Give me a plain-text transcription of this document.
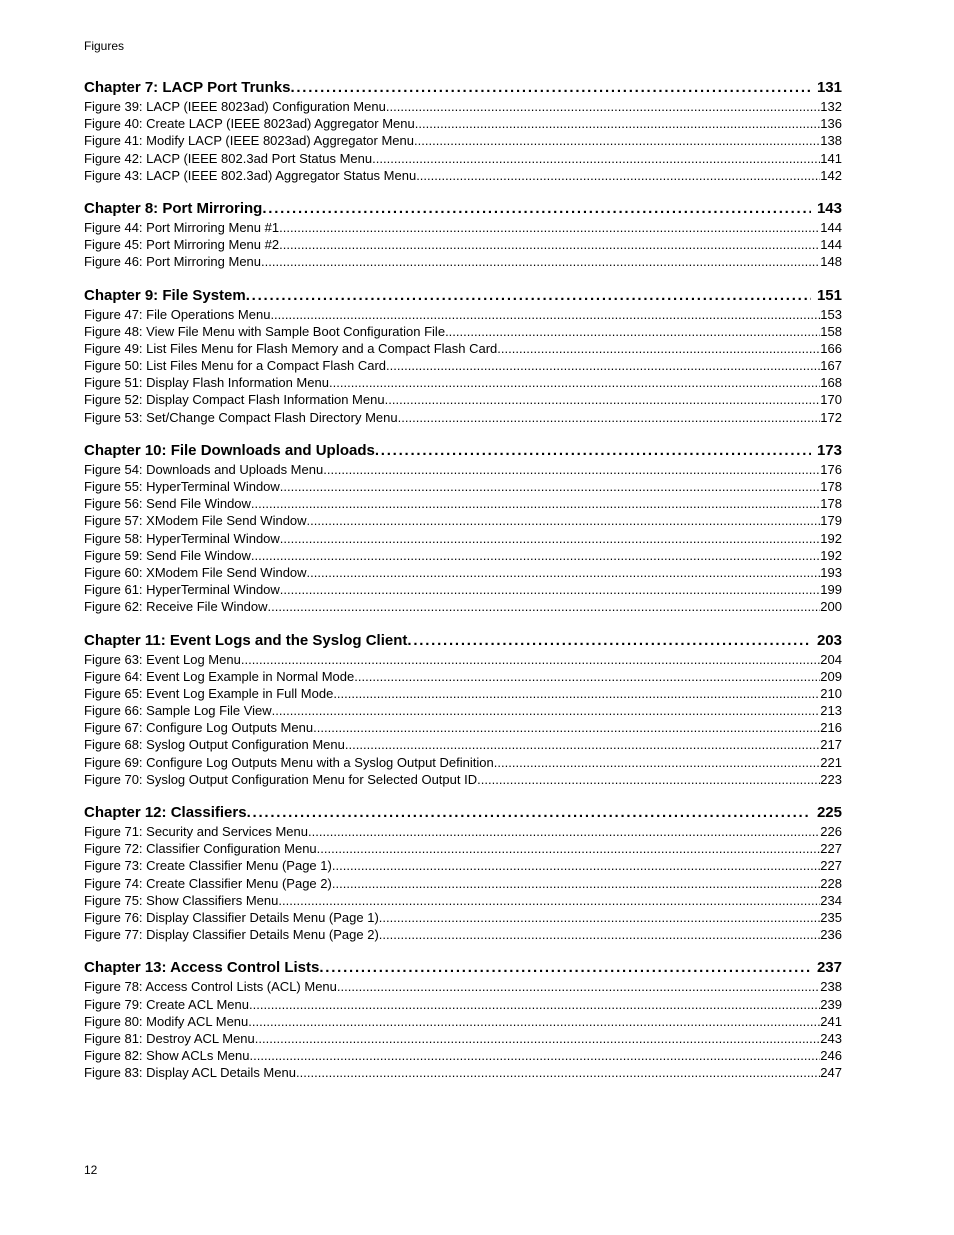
Figures
Chapter 7: LACP Port Trunks . . .	131
Figure 39: LACP (IEEE 8023ad) Configuration Menu . . .	132
Figure 40: Create LACP (IEEE 8023ad) Aggregator Menu . . .	136
Figure 41: Modify LACP (IEEE 8023ad) Aggregator Menu . . .	138
Figure 42: LACP (IEEE 802.3ad Port Status Menu . . .	141
Figure 43: LACP (IEEE 802.3ad) Aggregator Status Menu . . .	142
Chapter 8: Port Mirroring . . .	143
Figure 44: Port Mirroring Menu #1 . . .	144
Figure 45: Port Mirroring Menu #2 . . .	144
Figure 46: Port Mirroring Menu . . .	148
Chapter 9: File System . . .	151
Figure 47: File Operations Menu . . .	153
Figure 48: View File Menu with Sample Boot Configuration File . . .	158
Figure 49: List Files Menu for Flash Memory and a Compact Flash Card . . .	166
Figure 50: List Files Menu for a Compact Flash Card . . .	167
Figure 51: Display Flash Information Menu . . .	168
Figure 52: Display Compact Flash Information Menu . . .	170
Figure 53: Set/Change Compact Flash Directory Menu . . .	172
Chapter 10: File Downloads and Uploads . . .	173
Figure 54: Downloads and Uploads Menu . . .	176
Figure 55: HyperTerminal Window . . .	178
Figure 56: Send File Window . . .	178
Figure 57: XModem File Send Window . . .	179
Figure 58: HyperTerminal Window . . .	192
Figure 59: Send File Window . . .	192
Figure 60: XModem File Send Window . . .	193
Figure 61: HyperTerminal Window . . .	199
Figure 62: Receive File Window . . .	200
Chapter 11: Event Logs and the Syslog Client . . .	203
Figure 63: Event Log Menu . . .	204
Figure 64: Event Log Example in Normal Mode . . .	209
Figure 65: Event Log Example in Full Mode . . .	210
Figure 66: Sample Log File View . . .	213
Figure 67: Configure Log Outputs Menu . . .	216
Figure 68: Syslog Output Configuration Menu . . .	217
Figure 69: Configure Log Outputs Menu with a Syslog Output Definition . . .	221
Figure 70: Syslog Output Configuration Menu for Selected Output ID . . .	223
Chapter 12: Classifiers . . .	225
Figure 71: Security and Services Menu . . .	226
Figure 72: Classifier Configuration Menu . . .	227
Figure 73: Create Classifier Menu (Page 1) . . .	227
Figure 74: Create Classifier Menu (Page 2) . . .	228
Figure 75: Show Classifiers Menu . . .	234
Figure 76: Display Classifier Details Menu (Page 1) . . .	235
Figure 77: Display Classifier Details Menu (Page 2) . . .	236
Chapter 13: Access Control Lists . . .	237
Figure 78: Access Control Lists (ACL) Menu . . .	238
Figure 79: Create ACL Menu . . .	239
Figure 80: Modify ACL Menu . . .	241
Figure 81: Destroy ACL Menu . . .	243
Figure 82: Show ACLs Menu . . .	246
Figure 83: Display ACL Details Menu . . .	247
12
